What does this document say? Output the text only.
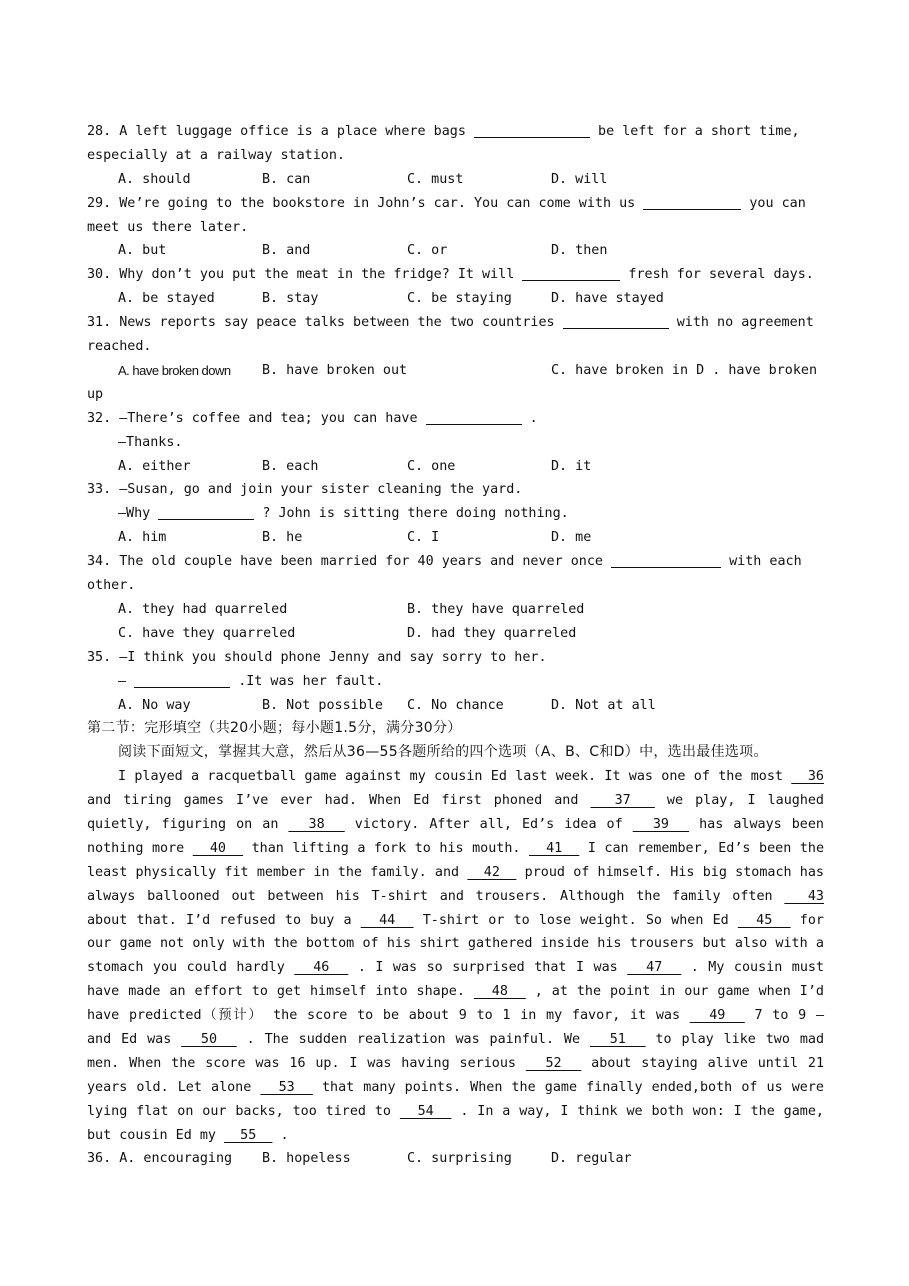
28. A left luggage office is a place where bags	be left for a short time,
especially at a railway station.
A. should	B. can	C. must	D. will
29. We’re going to the bookstore in John’s car. You can come with us	you can
meet us there later.
A. but	B. and	C. or	D. then
30. Why don’t you put the meat in the fridge? It will	fresh for several days.
A. be stayed	B. stay	C. be staying	D. have stayed
31. News reports say peace talks between the two countries	with no agreement
reached.
A. have broken down	B. have broken out	C. have broken in D . have broken
up
32. —There’s coffee and tea; you can have	.
—Thanks.
A. either	B. each	C. one	D. it
33. —Susan, go and join your sister cleaning the yard.
—Why	? John is sitting there doing nothing.
A. him	B. he	C. I	D. me
34. The old couple have been married for 40 years and never once	with each
other.
A. they had quarreled	B. they have quarreled
C. have they quarreled	D. had they quarreled
35. —I think you should phone Jenny and say sorry to her.
—	.It was her fault.
A. No way	B. Not possible	C. No chance	D. Not at all
第二节：完形填空（共20小题；每小题1.5分，满分30分）
阅读下面短文，掌握其大意，然后从36—55各题所给的四个选项（A、B、C和D）中，选出最佳选项。
I played a racquetball game against my cousin Ed last week. It was one of the most   36
and tiring games I’ve ever had. When Ed first phoned and   37   we play, I laughed
quietly, figuring on an   38   victory. After all, Ed’s idea of   39   has always been
nothing more   40   than lifting a fork to his mouth.   41   I can remember, Ed’s been the
least physically fit member in the family. and   42   proud of himself. His big stomach has
always ballooned out between his T-shirt and trousers. Although the family often   43
about that. I’d refused to buy a   44   T-shirt or to lose weight. So when Ed   45   for
our game not only with the bottom of his shirt gathered inside his trousers but also with a
stomach you could hardly   46   . I was so surprised that I was   47   . My cousin must
have made an effort to get himself into shape.   48   , at the point in our game when I’d
have predicted（预计） the score to be about 9 to 1 in my favor, it was   49   7 to 9 —
and Ed was   50   . The sudden realization was painful. We   51   to play like two mad
men. When the score was 16 up. I was having serious   52   about staying alive until 21
years old. Let alone   53   that many points. When the game finally ended,both of us were
lying flat on our backs, too tired to   54   . In a way, I think we both won: I the game,
but cousin Ed my   55   .
36. A. encouraging	B. hopeless	C. surprising	D. regular
